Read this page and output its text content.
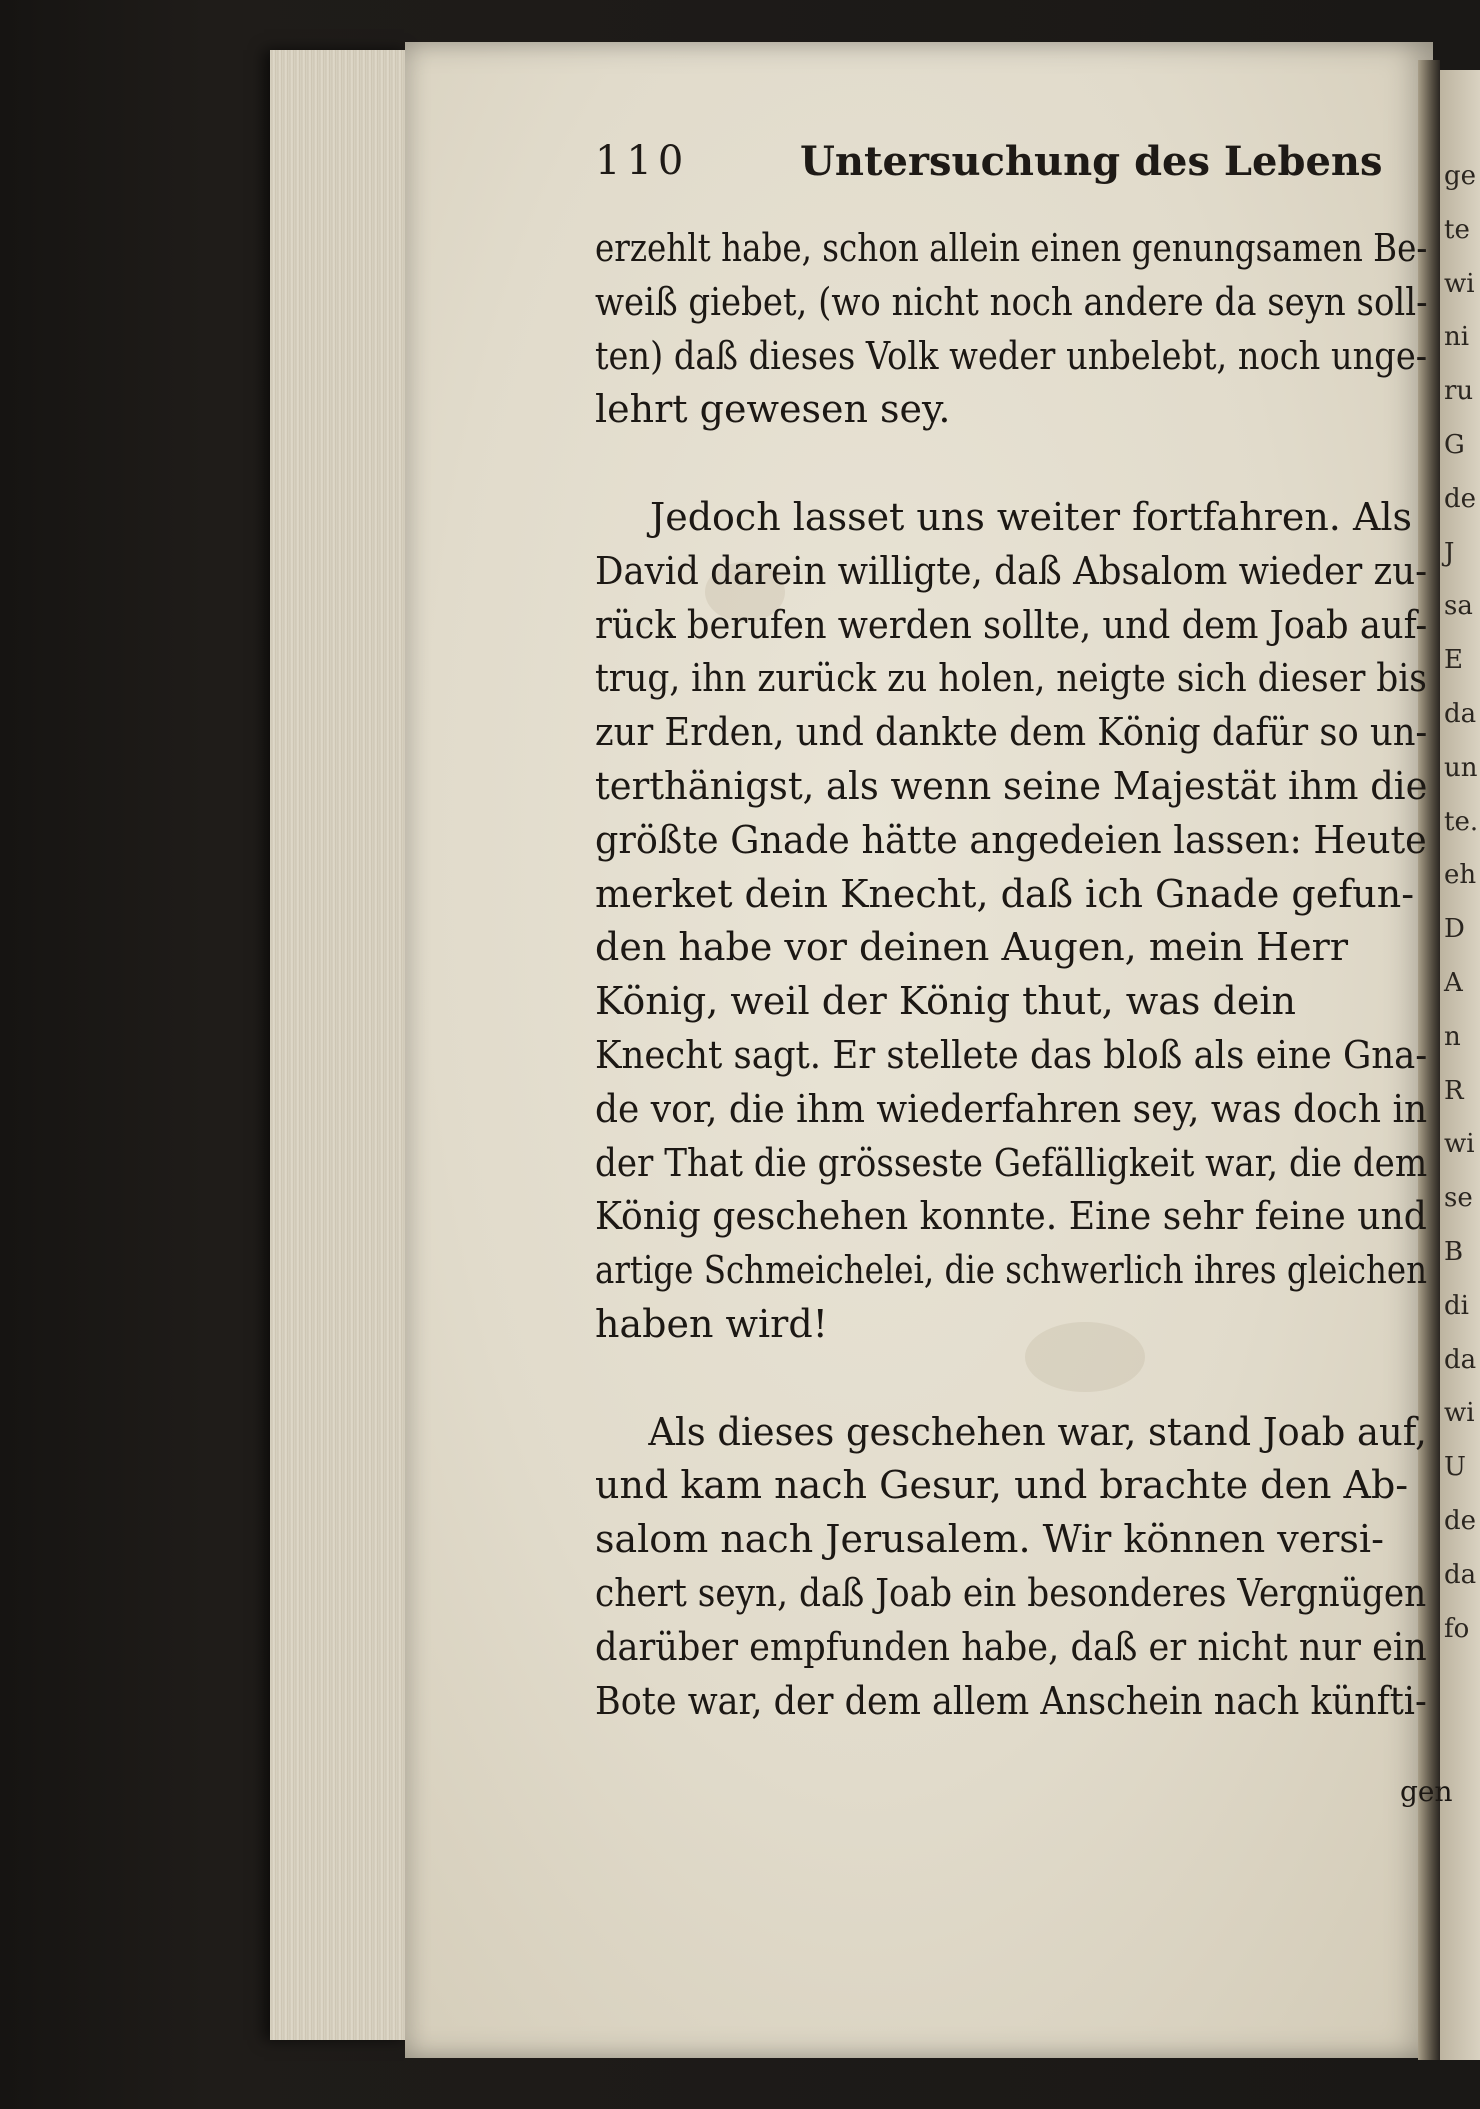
ge
te
wi
ni
ru
G
de
J
sa
E
da
un
te.
eh
D
A
n
R
wi
se
B
di
da
wi
U
de
da
fo
110	Untersuchung des Lebens
erzehlt habe, schon allein einen genungsamen Be-
weiß giebet, (wo nicht noch andere da seyn soll-
ten) daß dieses Volk weder unbelebt, noch unge-
lehrt gewesen sey.
Jedoch lasset uns weiter fortfahren. Als
David darein willigte, daß Absalom wieder zu-
rück berufen werden sollte, und dem Joab auf-
trug, ihn zurück zu holen, neigte sich dieser bis
zur Erden, und dankte dem König dafür so un-
terthänigst, als wenn seine Majestät ihm die
größte Gnade hätte angedeien lassen: Heute
merket dein Knecht, daß ich Gnade gefun-
den habe vor deinen Augen, mein Herr
König, weil der König thut, was dein
Knecht sagt. Er stellete das bloß als eine Gna-
de vor, die ihm wiederfahren sey, was doch in
der That die grösseste Gefälligkeit war, die dem
König geschehen konnte. Eine sehr feine und
artige Schmeichelei, die schwerlich ihres gleichen
haben wird!
Als dieses geschehen war, stand Joab auf,
und kam nach Gesur, und brachte den Ab-
salom nach Jerusalem. Wir können versi-
chert seyn, daß Joab ein besonderes Vergnügen
darüber empfunden habe, daß er nicht nur ein
Bote war, der dem allem Anschein nach künfti-
gen
